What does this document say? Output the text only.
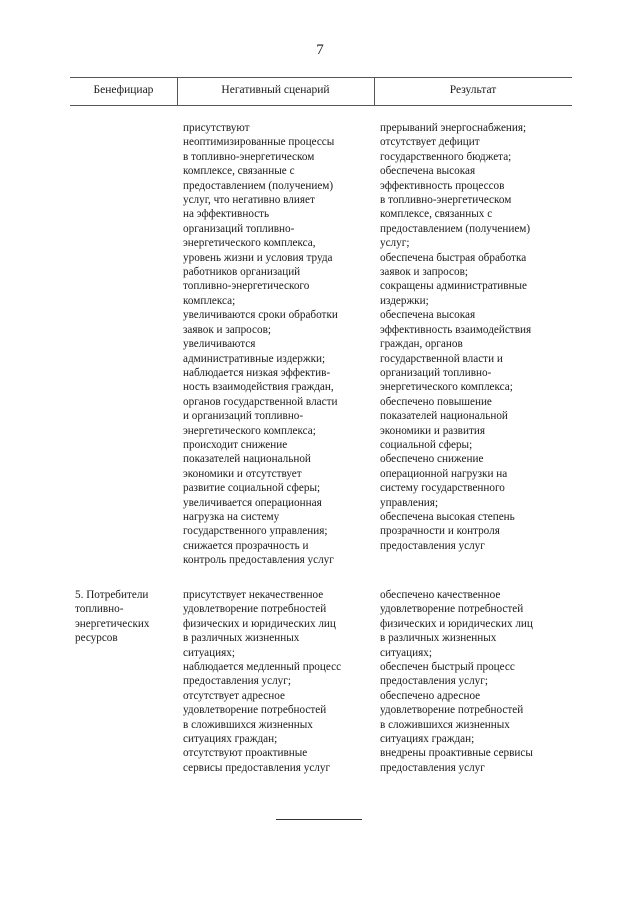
7
Бенефициар	Негативный сценарий	Результат
присутствуют
неоптимизированные процессы
в топливно-энергетическом
комплексе, связанные с
предоставлением (получением)
услуг, что негативно влияет
на эффективность
организаций топливно-
энергетического комплекса,
уровень жизни и условия труда
работников организаций
топливно-энергетического
комплекса;
увеличиваются сроки обработки
заявок и запросов;
увеличиваются
административные издержки;
наблюдается низкая эффектив-
ность взаимодействия граждан,
органов государственной власти
и организаций топливно-
энергетического комплекса;
происходит снижение
показателей национальной
экономики и отсутствует
развитие социальной сферы;
увеличивается операционная
нагрузка на систему
государственного управления;
снижается прозрачность и
контроль предоставления услуг
прерываний энергоснабжения;
отсутствует дефицит
государственного бюджета;
обеспечена высокая
эффективность процессов
в топливно-энергетическом
комплексе, связанных с
предоставлением (получением)
услуг;
обеспечена быстрая обработка
заявок и запросов;
сокращены административные
издержки;
обеспечена высокая
эффективность взаимодействия
граждан, органов
государственной власти и
организаций топливно-
энергетического комплекса;
обеспечено повышение
показателей национальной
экономики и развития
социальной сферы;
обеспечено снижение
операционной нагрузки на
систему государственного
управления;
обеспечена высокая степень
прозрачности и контроля
предоставления услуг
5. Потребители
топливно-
энергетических
ресурсов
присутствует некачественное
удовлетворение потребностей
физических и юридических лиц
в различных жизненных
ситуациях;
наблюдается медленный процесс
предоставления услуг;
отсутствует адресное
удовлетворение потребностей
в сложившихся жизненных
ситуациях граждан;
отсутствуют проактивные
сервисы предоставления услуг
обеспечено качественное
удовлетворение потребностей
физических и юридических лиц
в различных жизненных
ситуациях;
обеспечен быстрый процесс
предоставления услуг;
обеспечено адресное
удовлетворение потребностей
в сложившихся жизненных
ситуациях граждан;
внедрены проактивные сервисы
предоставления услуг
